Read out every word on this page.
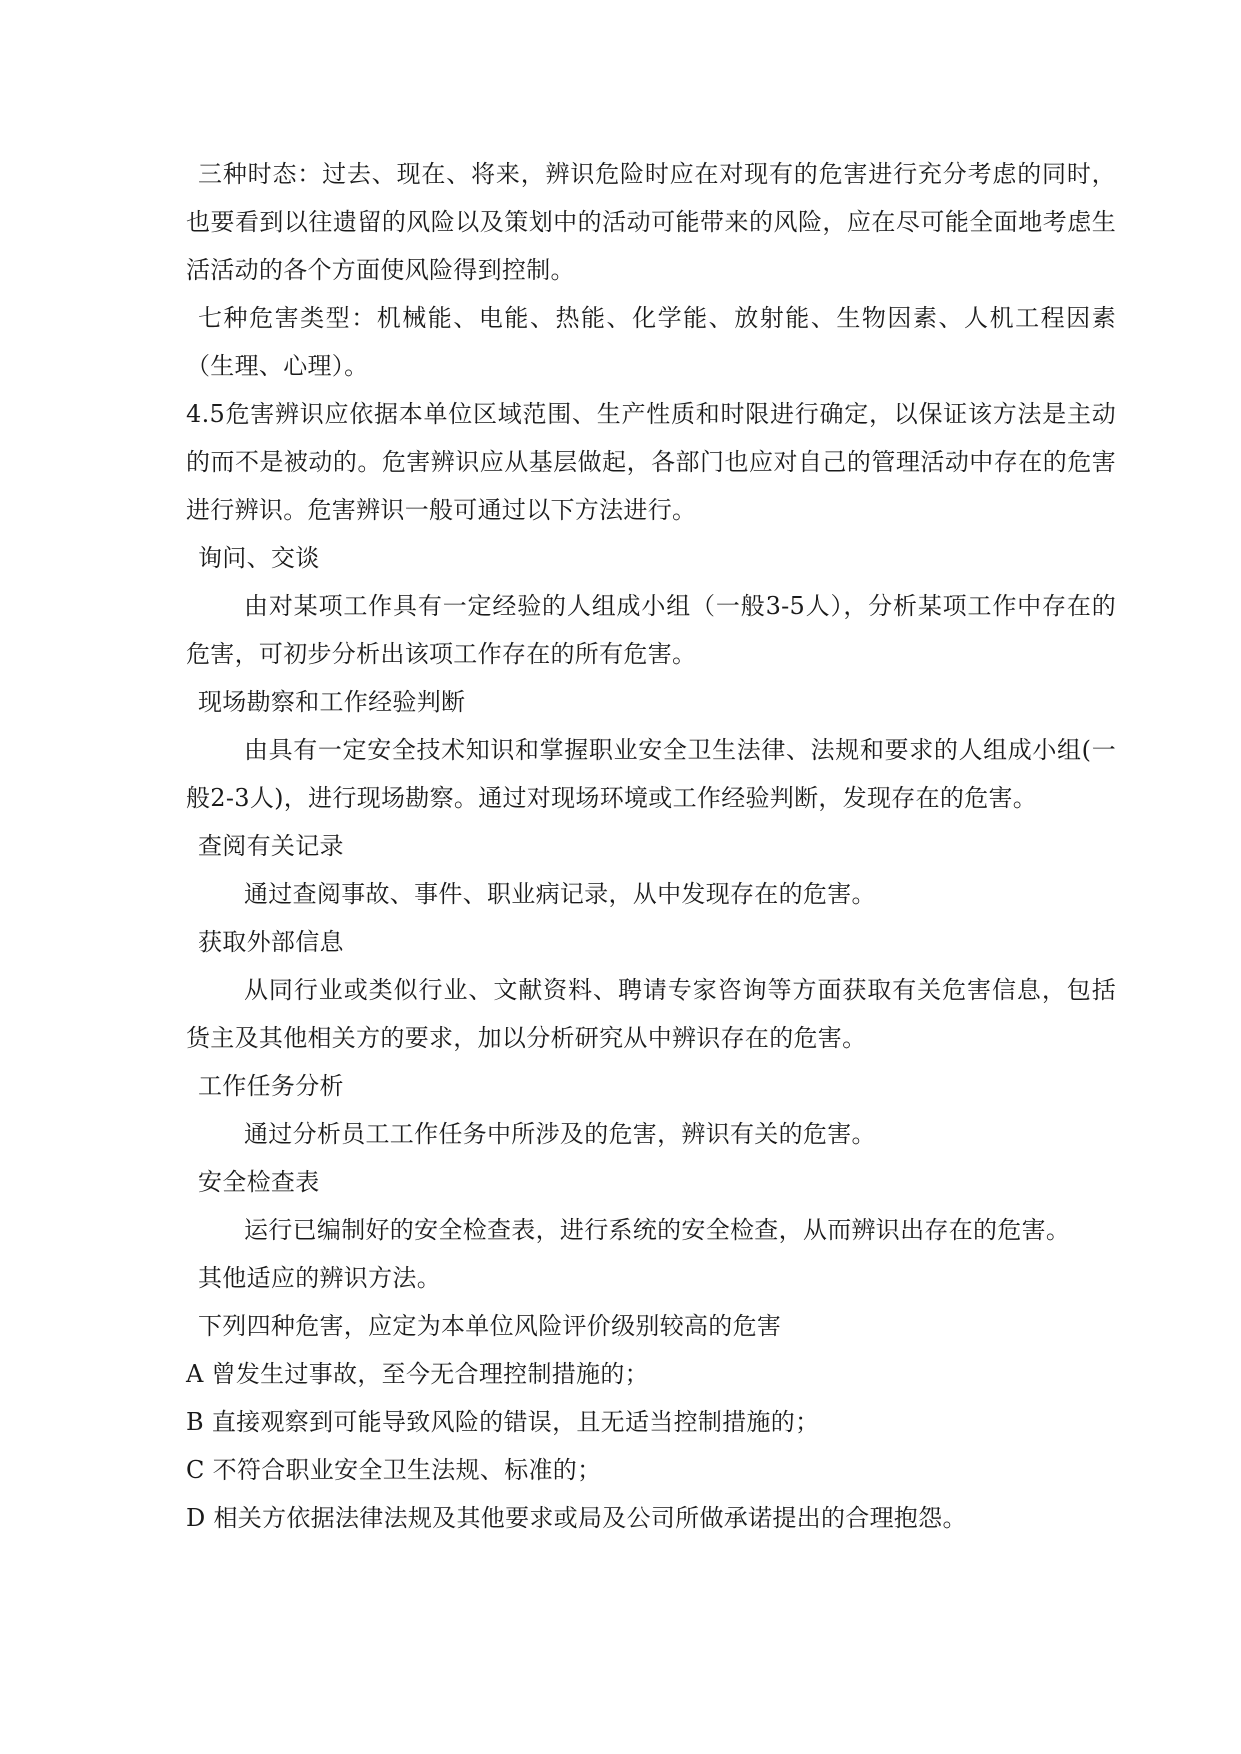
三种时态：过去、现在、将来，辨识危险时应在对现有的危害进行充分考虑的同时，也要看到以往遗留的风险以及策划中的活动可能带来的风险，应在尽可能全面地考虑生活活动的各个方面使风险得到控制。

七种危害类型：机械能、电能、热能、化学能、放射能、生物因素、人机工程因素（生理、心理）。

4.5危害辨识应依据本单位区域范围、生产性质和时限进行确定，以保证该方法是主动的而不是被动的。危害辨识应从基层做起，各部门也应对自己的管理活动中存在的危害进行辨识。危害辨识一般可通过以下方法进行。

询问、交谈

由对某项工作具有一定经验的人组成小组（一般3-5人），分析某项工作中存在的危害，可初步分析出该项工作存在的所有危害。

现场勘察和工作经验判断

由具有一定安全技术知识和掌握职业安全卫生法律、法规和要求的人组成小组(一般2-3人)，进行现场勘察。通过对现场环境或工作经验判断，发现存在的危害。

查阅有关记录

通过查阅事故、事件、职业病记录，从中发现存在的危害。

获取外部信息

从同行业或类似行业、文献资料、聘请专家咨询等方面获取有关危害信息，包括货主及其他相关方的要求，加以分析研究从中辨识存在的危害。

工作任务分析

通过分析员工工作任务中所涉及的危害，辨识有关的危害。

安全检查表

运行已编制好的安全检查表，进行系统的安全检查，从而辨识出存在的危害。

其他适应的辨识方法。

下列四种危害，应定为本单位风险评价级别较高的危害

A 曾发生过事故，至今无合理控制措施的；

B 直接观察到可能导致风险的错误，且无适当控制措施的；

C 不符合职业安全卫生法规、标准的；

D 相关方依据法律法规及其他要求或局及公司所做承诺提出的合理抱怨。
